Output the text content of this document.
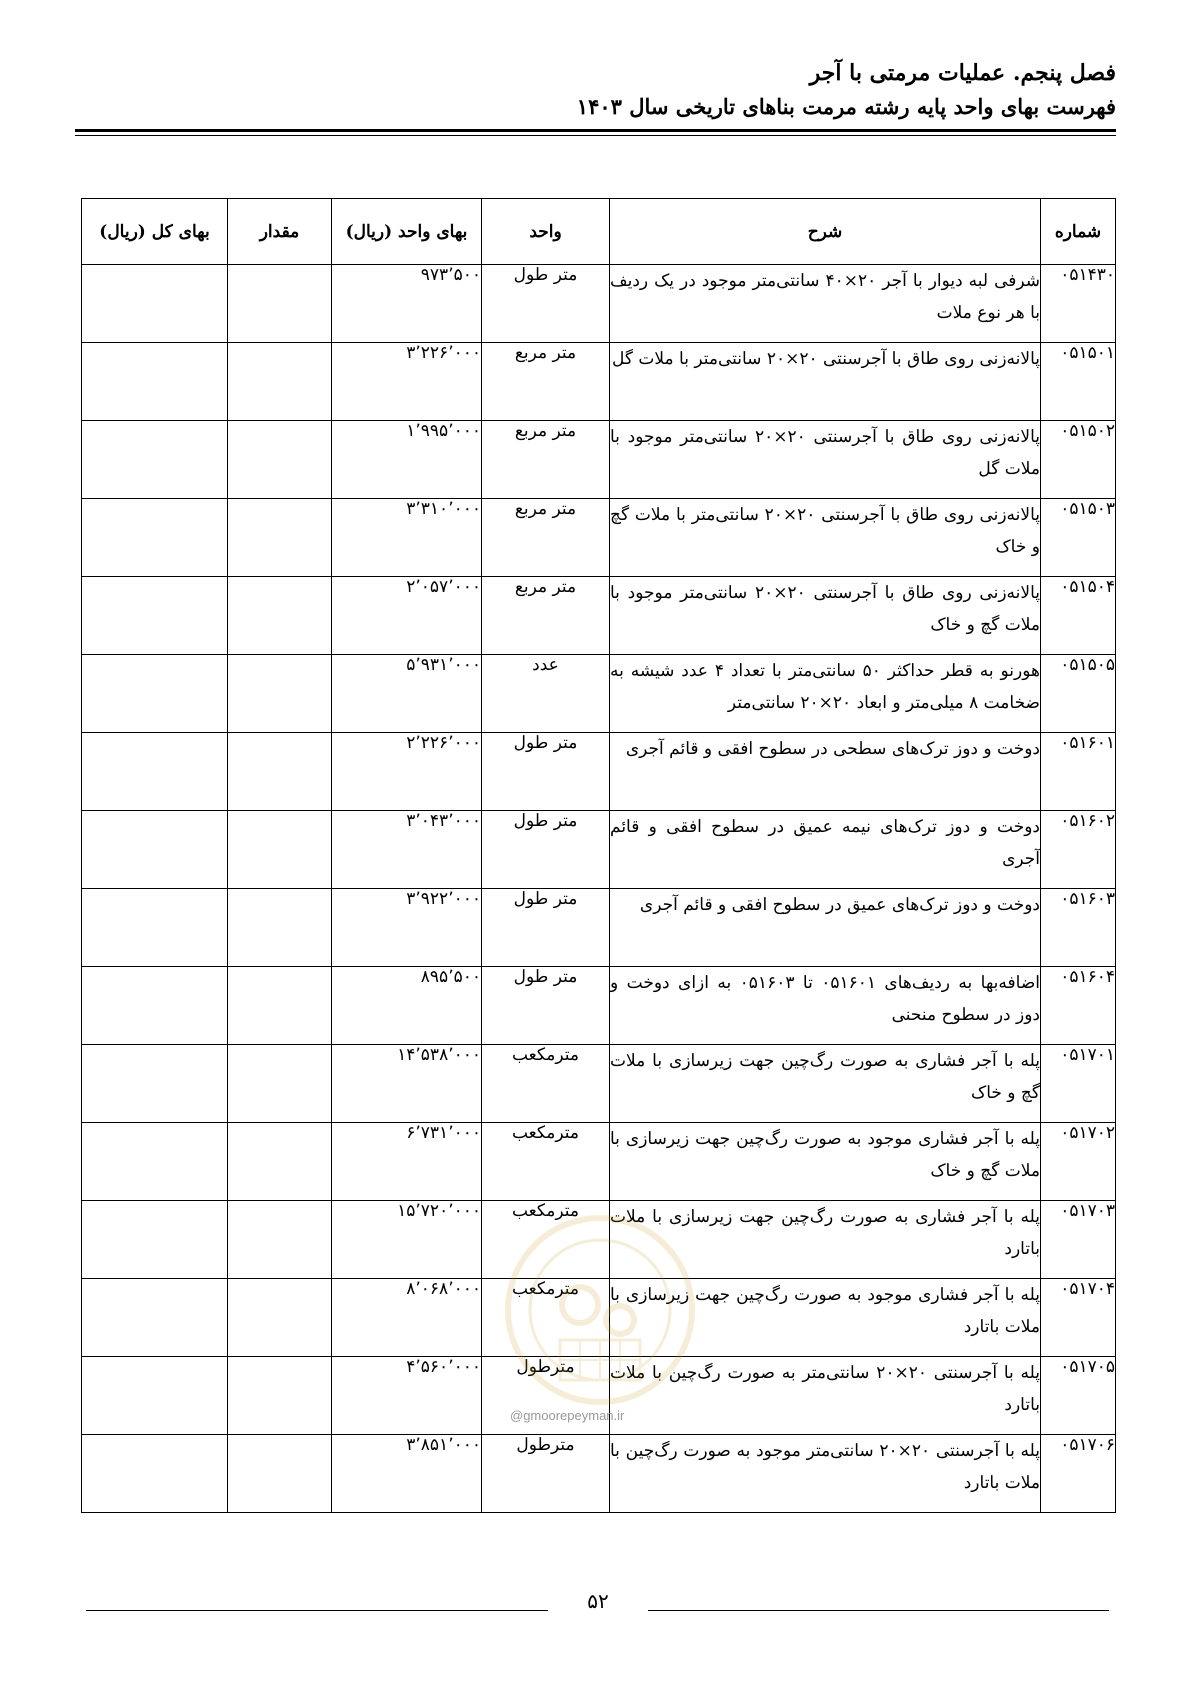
فصل پنجم. عملیات مرمتی با آجر
فهرست بهای واحد پایه رشته مرمت بناهای تاریخی سال ۱۴۰۳
شماره	شرح	واحد	بهای واحد (ریال)	مقدار	بهای کل (ریال)
۰۵۱۴۳۰	شرفی لبه دیوار با آجر ۲۰×۴۰ سانتی‌متر موجود در یک ردیف با هر نوع ملات	متر طول	۹۷۳٬۵۰۰		
۰۵۱۵۰۱	پالانه‌زنی روی طاق با آجرسنتی ۲۰×۲۰ سانتی‌متر با ملات گل	متر مربع	۳٬۲۲۶٬۰۰۰		
۰۵۱۵۰۲	پالانه‌زنی روی طاق با آجرسنتی ۲۰×۲۰ سانتی‌متر موجود با ملات گل	متر مربع	۱٬۹۹۵٬۰۰۰		
۰۵۱۵۰۳	پالانه‌زنی روی طاق با آجرسنتی ۲۰×۲۰ سانتی‌متر با ملات گچ و خاک	متر مربع	۳٬۳۱۰٬۰۰۰		
۰۵۱۵۰۴	پالانه‌زنی روی طاق با آجرسنتی ۲۰×۲۰ سانتی‌متر موجود با ملات گچ و خاک	متر مربع	۲٬۰۵۷٬۰۰۰		
۰۵۱۵۰۵	هورنو به قطر حداکثر ۵۰ سانتی‌متر با تعداد ۴ عدد شیشه به ضخامت ۸ میلی‌متر و ابعاد ۲۰×۲۰ سانتی‌متر	عدد	۵٬۹۳۱٬۰۰۰		
۰۵۱۶۰۱	دوخت و دوز ترک‌های سطحی در سطوح افقی و قائم آجری	متر طول	۲٬۲۲۶٬۰۰۰		
۰۵۱۶۰۲	دوخت و دوز ترک‌های نیمه عمیق در سطوح افقی و قائم آجری	متر طول	۳٬۰۴۳٬۰۰۰		
۰۵۱۶۰۳	دوخت و دوز ترک‌های عمیق در سطوح افقی و قائم آجری	متر طول	۳٬۹۲۲٬۰۰۰		
۰۵۱۶۰۴	اضافه‌بها به ردیف‌های ۰۵۱۶۰۱ تا ۰۵۱۶۰۳ به ازای دوخت و دوز در سطوح منحنی	متر طول	۸۹۵٬۵۰۰		
۰۵۱۷۰۱	پله با آجر فشاری به صورت رگ‌چین جهت زیرسازی با ملات گچ و خاک	مترمکعب	۱۴٬۵۳۸٬۰۰۰		
۰۵۱۷۰۲	پله با آجر فشاری موجود به صورت رگ‌چین جهت زیرسازی با ملات گچ و خاک	مترمکعب	۶٬۷۳۱٬۰۰۰		
۰۵۱۷۰۳	پله با آجر فشاری به صورت رگ‌چین جهت زیرسازی با ملات باتارد	مترمکعب	۱۵٬۷۲۰٬۰۰۰		
۰۵۱۷۰۴	پله با آجر فشاری موجود به صورت رگ‌چین جهت زیرسازی با ملات باتارد	مترمکعب	۸٬۰۶۸٬۰۰۰		
۰۵۱۷۰۵	پله با آجرسنتی ۲۰×۲۰ سانتی‌متر به صورت رگ‌چین با ملات باتارد	مترطول	۴٬۵۶۰٬۰۰۰		
۰۵۱۷۰۶	پله با آجرسنتی ۲۰×۲۰ سانتی‌متر موجود به صورت رگ‌چین با ملات باتارد	مترطول	۳٬۸۵۱٬۰۰۰		
@gmoorepeyman.ir
۵۲
